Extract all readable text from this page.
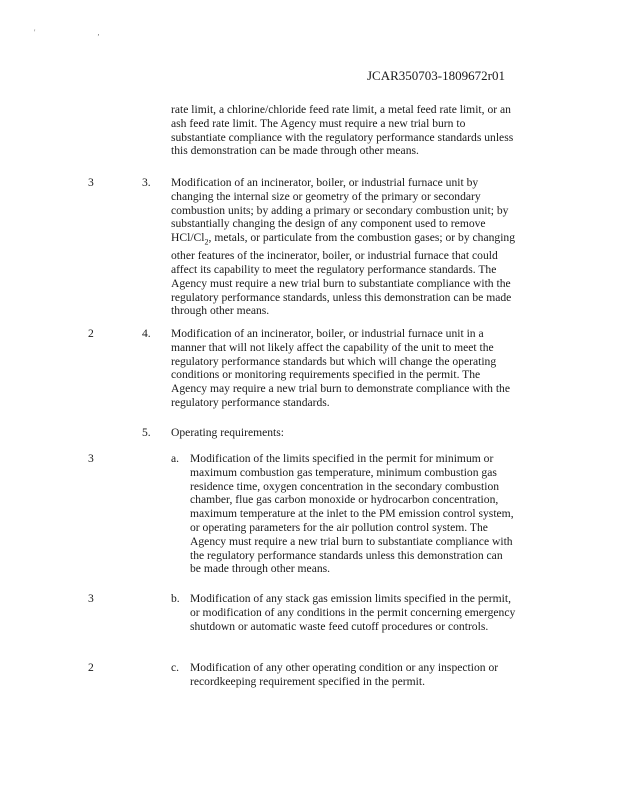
' ,
JCAR350703-1809672r01
rate limit, a chlorine/chloride feed rate limit, a metal feed rate limit, or an ash feed rate limit. The Agency must require a new trial burn to substantiate compliance with the regulatory performance standards unless this demonstration can be made through other means.
3	3. Modification of an incinerator, boiler, or industrial furnace unit by changing the internal size or geometry of the primary or secondary combustion units; by adding a primary or secondary combustion unit; by substantially changing the design of any component used to remove HCl/$Cl_2$, metals, or particulate from the combustion gases; or by changing other features of the incinerator, boiler, or industrial furnace that could affect its capability to meet the regulatory performance standards. The Agency must require a new trial burn to substantiate compliance with the regulatory performance standards, unless this demonstration can be made through other means.
2	4. Modification of an incinerator, boiler, or industrial furnace unit in a manner that will not likely affect the capability of the unit to meet the regulatory performance standards but which will change the operating conditions or monitoring requirements specified in the permit. The Agency may require a new trial burn to demonstrate compliance with the regulatory performance standards.
5. Operating requirements:
3	a. Modification of the limits specified in the permit for minimum or maximum combustion gas temperature, minimum combustion gas residence time, oxygen concentration in the secondary combustion chamber, flue gas carbon monoxide or hydrocarbon concentration, maximum temperature at the inlet to the PM emission control system, or operating parameters for the air pollution control system. The Agency must require a new trial burn to substantiate compliance with the regulatory performance standards unless this demonstration can be made through other means.
3	b. Modification of any stack gas emission limits specified in the permit, or modification of any conditions in the permit concerning emergency shutdown or automatic waste feed cutoff procedures or controls.
2	c. Modification of any other operating condition or any inspection or recordkeeping requirement specified in the permit.
